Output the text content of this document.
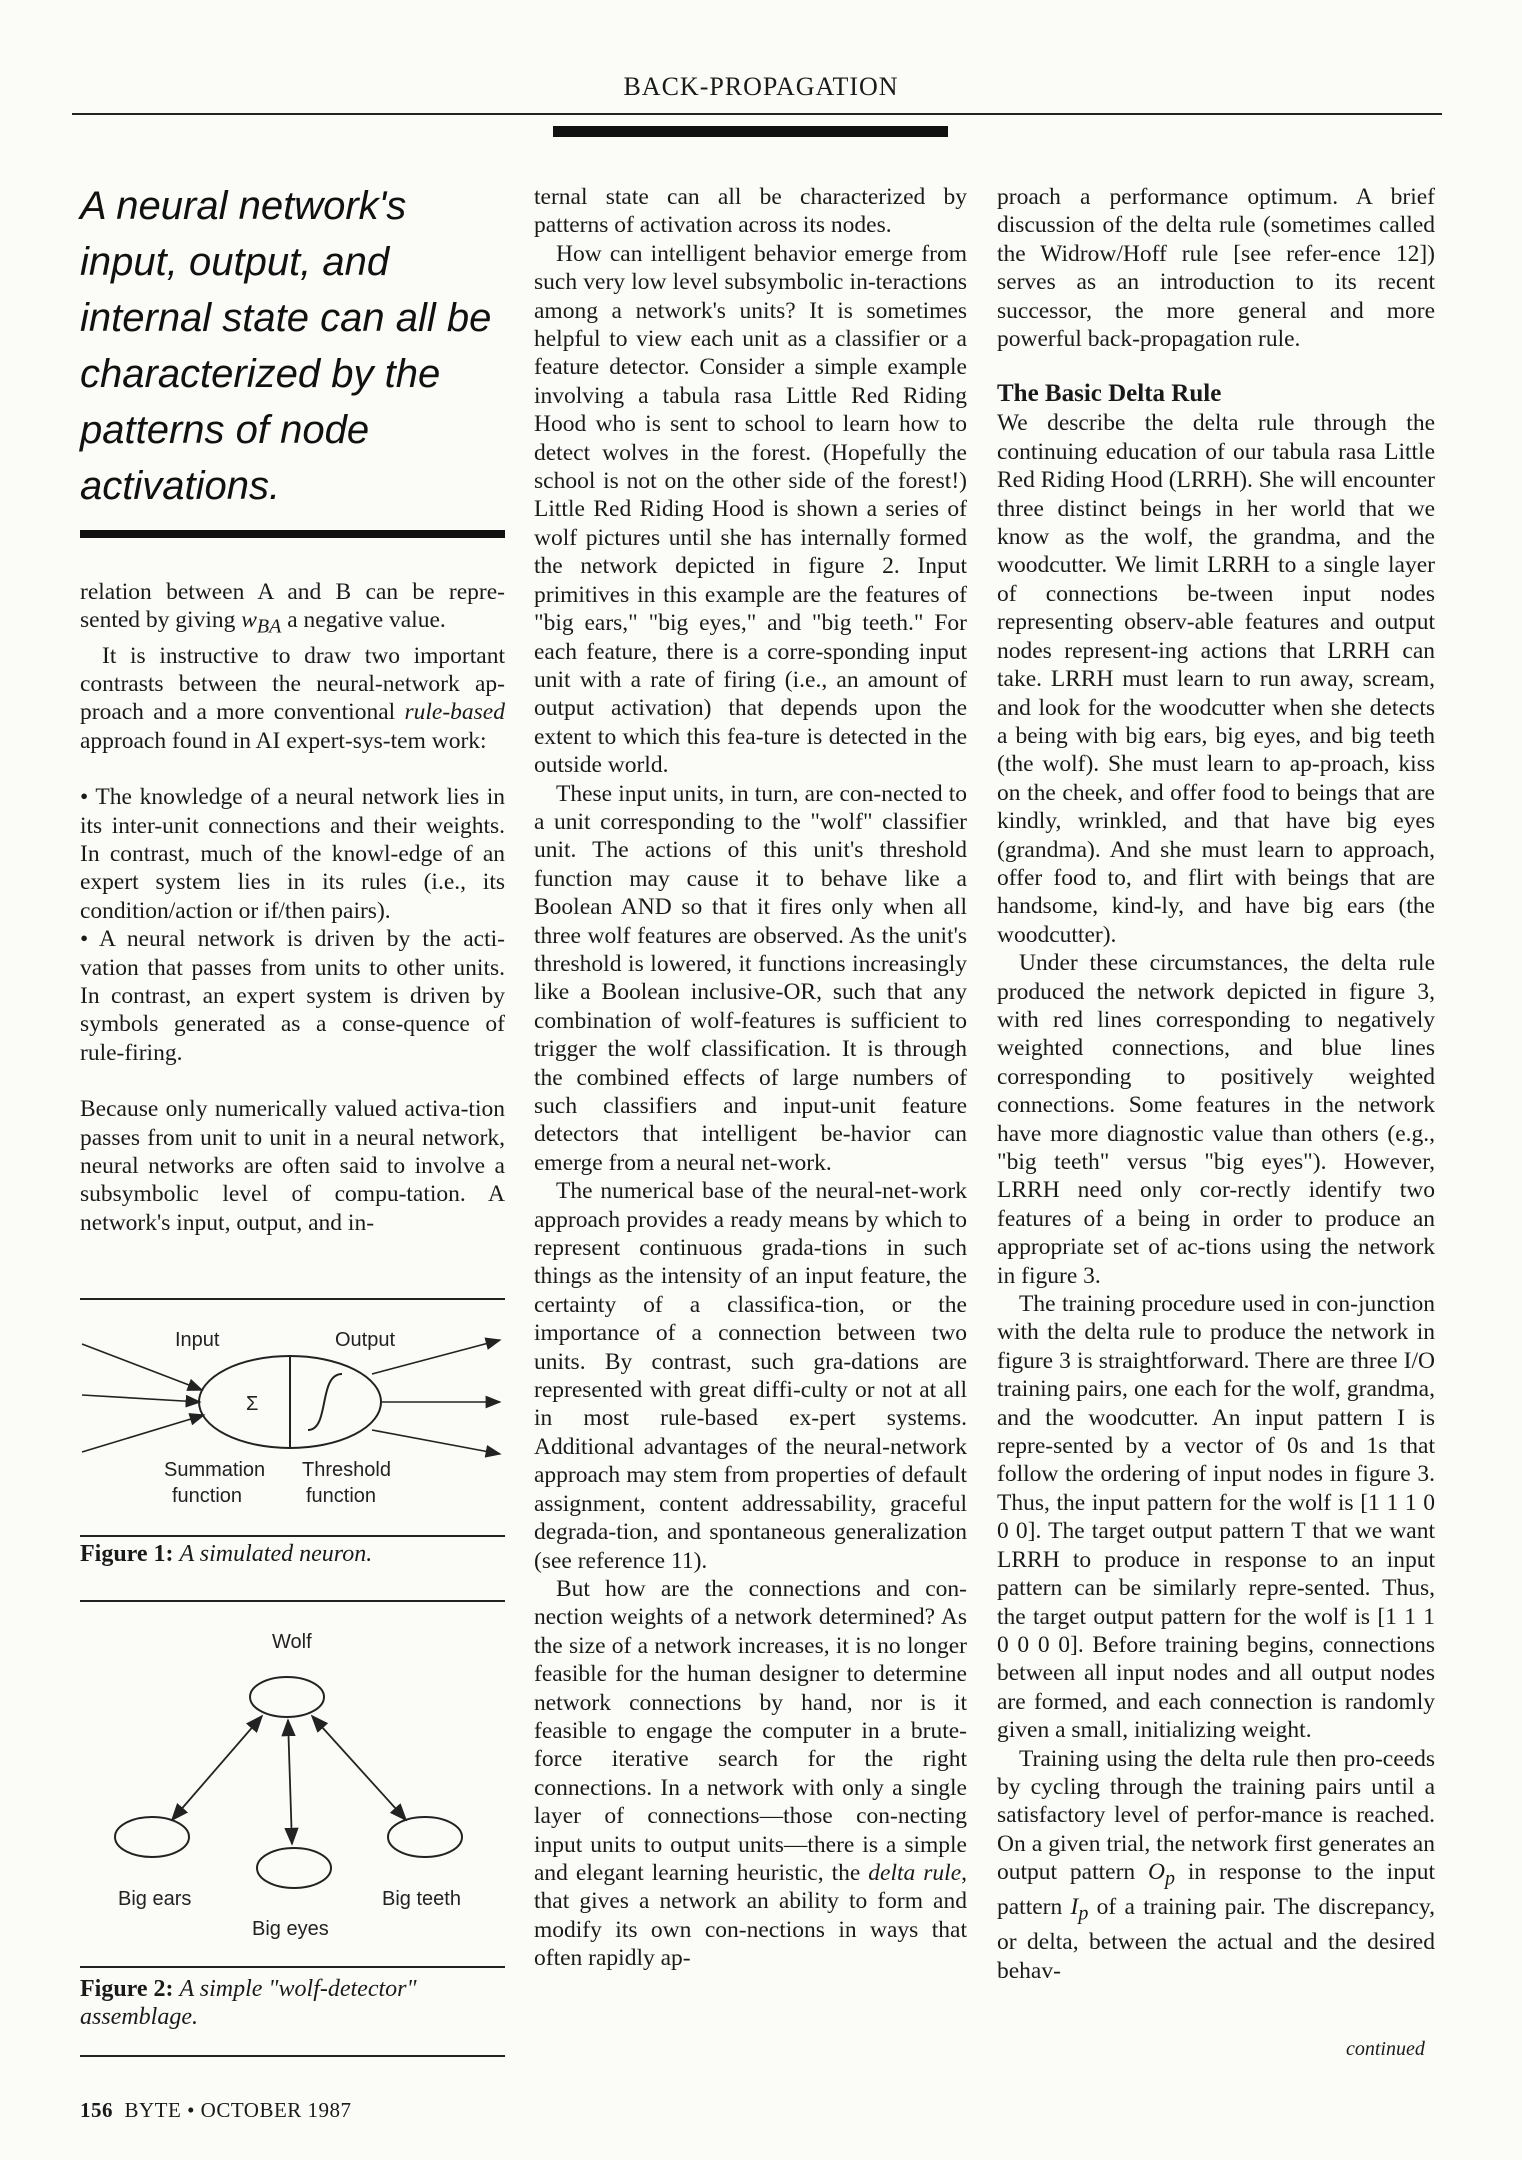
BACK-PROPAGATION
A neural network's input, output, and internal state can all be characterized by the patterns of node activations.

relation between A and B can be repre-sented by giving $w_{BA}$ a negative value.

It is instructive to draw two important contrasts between the neural-network ap-proach and a more conventional rule-based approach found in AI expert-sys-tem work:

• The knowledge of a neural network lies in its inter-unit connections and their weights. In contrast, much of the knowl-edge of an expert system lies in its rules (i.e., its condition/action or if/then pairs).

• A neural network is driven by the acti-vation that passes from units to other units. In contrast, an expert system is driven by symbols generated as a conse-quence of rule-firing.

Because only numerically valued activa-tion passes from unit to unit in a neural network, neural networks are often said to involve a subsymbolic level of compu-tation. A network's input, output, and in-

Input	Output
Σ
Summation
function
Threshold
function
Figure 1: A simulated neuron.
Wolf
Big ears
Big eyes
Big teeth
Figure 2: A simple "wolf-detector" assemblage.

ternal state can all be characterized by patterns of activation across its nodes.

How can intelligent behavior emerge from such very low level subsymbolic in-teractions among a network's units? It is sometimes helpful to view each unit as a classifier or a feature detector. Consider a simple example involving a tabula rasa Little Red Riding Hood who is sent to school to learn how to detect wolves in the forest. (Hopefully the school is not on the other side of the forest!) Little Red Riding Hood is shown a series of wolf pictures until she has internally formed the network depicted in figure 2. Input primitives in this example are the features of "big ears," "big eyes," and "big teeth." For each feature, there is a corre-sponding input unit with a rate of firing (i.e., an amount of output activation) that depends upon the extent to which this fea-ture is detected in the outside world.

These input units, in turn, are con-nected to a unit corresponding to the "wolf" classifier unit. The actions of this unit's threshold function may cause it to behave like a Boolean AND so that it fires only when all three wolf features are observed. As the unit's threshold is lowered, it functions increasingly like a Boolean inclusive-OR, such that any combination of wolf-features is sufficient to trigger the wolf classification. It is through the combined effects of large numbers of such classifiers and input-unit feature detectors that intelligent be-havior can emerge from a neural net-work.

The numerical base of the neural-net-work approach provides a ready means by which to represent continuous grada-tions in such things as the intensity of an input feature, the certainty of a classifica-tion, or the importance of a connection between two units. By contrast, such gra-dations are represented with great diffi-culty or not at all in most rule-based ex-pert systems. Additional advantages of the neural-network approach may stem from properties of default assignment, content addressability, graceful degrada-tion, and spontaneous generalization (see reference 11).

But how are the connections and con-nection weights of a network determined? As the size of a network increases, it is no longer feasible for the human designer to determine network connections by hand, nor is it feasible to engage the computer in a brute-force iterative search for the right connections. In a network with only a single layer of connections—those con-necting input units to output units—there is a simple and elegant learning heuristic, the delta rule, that gives a network an ability to form and modify its own con-nections in ways that often rapidly ap-

proach a performance optimum. A brief discussion of the delta rule (sometimes called the Widrow/Hoff rule [see refer-ence 12]) serves as an introduction to its recent successor, the more general and more powerful back-propagation rule.

The Basic Delta Rule

We describe the delta rule through the continuing education of our tabula rasa Little Red Riding Hood (LRRH). She will encounter three distinct beings in her world that we know as the wolf, the grandma, and the woodcutter. We limit LRRH to a single layer of connections be-tween input nodes representing observ-able features and output nodes represent-ing actions that LRRH can take. LRRH must learn to run away, scream, and look for the woodcutter when she detects a being with big ears, big eyes, and big teeth (the wolf). She must learn to ap-proach, kiss on the cheek, and offer food to beings that are kindly, wrinkled, and that have big eyes (grandma). And she must learn to approach, offer food to, and flirt with beings that are handsome, kind-ly, and have big ears (the woodcutter).

Under these circumstances, the delta rule produced the network depicted in figure 3, with red lines corresponding to negatively weighted connections, and blue lines corresponding to positively weighted connections. Some features in the network have more diagnostic value than others (e.g., "big teeth" versus "big eyes"). However, LRRH need only cor-rectly identify two features of a being in order to produce an appropriate set of ac-tions using the network in figure 3.

The training procedure used in con-junction with the delta rule to produce the network in figure 3 is straightforward. There are three I/O training pairs, one each for the wolf, grandma, and the woodcutter. An input pattern I is repre-sented by a vector of 0s and 1s that follow the ordering of input nodes in figure 3. Thus, the input pattern for the wolf is [1 1 1 0 0 0]. The target output pattern T that we want LRRH to produce in response to an input pattern can be similarly repre-sented. Thus, the target output pattern for the wolf is [1 1 1 0 0 0 0]. Before training begins, connections between all input nodes and all output nodes are formed, and each connection is randomly given a small, initializing weight.

Training using the delta rule then pro-ceeds by cycling through the training pairs until a satisfactory level of perfor-mance is reached. On a given trial, the network first generates an output pattern $O_p$ in response to the input pattern $I_p$ of a training pair. The discrepancy, or delta, between the actual and the desired behav-

continued
156 BYTE • OCTOBER 1987
